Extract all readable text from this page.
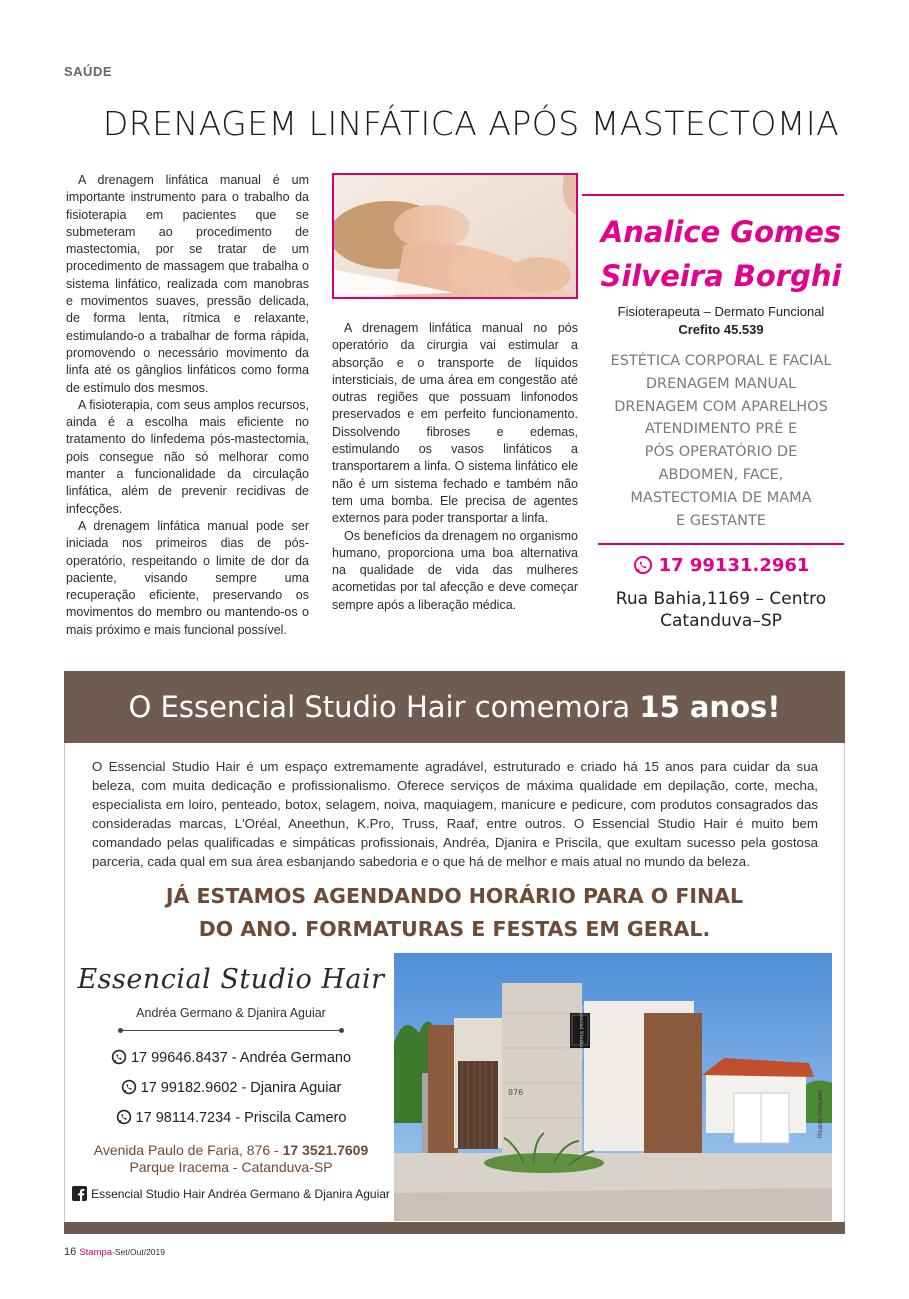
SAÚDE
DRENAGEM LINFÁTICA APÓS MASTECTOMIA

A drenagem linfática manual é um importante instrumento para o trabalho da fisioterapia em pacientes que se submeteram ao procedimento de mastectomia, por se tratar de um procedimento de massagem que trabalha o sistema linfático, realizada com manobras e movimentos suaves, pressão delicada, de forma lenta, rítmica e relaxante, estimulando-o a trabalhar de forma rápida, promovendo o necessário movimento da linfa até os gânglios linfáticos como forma de estímulo dos mesmos.

A fisioterapia, com seus amplos recursos, ainda é a escolha mais eficiente no tratamento do linfedema pós-mastectomia, pois consegue não só melhorar como manter a funcionalidade da circulação linfática, além de prevenir recidivas de infecções.

A drenagem linfática manual pode ser iniciada nos primeiros dias de pós-operatório, respeitando o limite de dor da paciente, visando sempre uma recuperação eficiente, preservando os movimentos do membro ou mantendo-os o mais próximo e mais funcional possível.

A drenagem linfática manual no pós operatório da cirurgia vai estimular a absorção e o transporte de líquidos intersticiais, de uma área em congestão até outras regiões que possuam linfonodos preservados e em perfeito funcionamento. Dissolvendo fibroses e edemas, estimulando os vasos linfáticos a transportarem a linfa. O sistema linfático ele não é um sistema fechado e também não tem uma bomba. Ele precisa de agentes externos para poder transportar a linfa.

Os benefícios da drenagem no organismo humano, proporciona uma boa alternativa na qualidade de vida das mulheres acometidas por tal afecção e deve começar sempre após a liberação médica.

Analice Gomes
Silveira Borghi
Fisioterapeuta – Dermato Funcional
Crefito 45.539
ESTÉTICA CORPORAL E FACIAL
DRENAGEM MANUAL
DRENAGEM COM APARELHOS
ATENDIMENTO PRÉ E
PÓS OPERATÓRIO DE
ABDOMEN, FACE,
MASTECTOMIA DE MAMA
E GESTANTE
17 99131.2961
Rua Bahia,1169 – Centro
Catanduva–SP
O Essencial Studio Hair comemora 15 anos!
O Essencial Studio Hair é um espaço extremamente agradável, estruturado e criado há 15 anos para cuidar da sua beleza, com muita dedicação e profissionalismo. Oferece serviços de máxima qualidade em depilação, corte, mecha, especialista em loiro, penteado, botox, selagem, noiva, maquiagem, manicure e pedicure, com produtos consagrados das consideradas marcas, L'Oréal, Aneethun, K.Pro, Truss, Raaf, entre outros. O Essencial Studio Hair é muito bem comandado pelas qualificadas e simpáticas profissionais, Andréa, Djanira e Priscila, que exultam sucesso pela gostosa parceria, cada qual em sua área esbanjando sabedoria e o que há de melhor e mais atual no mundo da beleza.
JÁ ESTAMOS AGENDANDO HORÁRIO PARA O FINAL
DO ANO. FORMATURAS E FESTAS EM GERAL.
Essencial Studio Hair
Andréa Germano & Djanira Aguiar
17 99646.8437 - Andréa Germano
17 99182.9602 - Djanira Aguiar
17 98114.7234 - Priscila Camero
Avenida Paulo de Faria, 876 - 17 3521.7609
Parque Iracema - Catanduva-SP
Essencial Studio Hair Andréa Germano & Djanira Aguiar
Essencial Studio Hair
Andréa Germano | Djanira Aguiar
3521.7609
876	Ricardo Gonçales
16 Stampa-Set/Out/2019
